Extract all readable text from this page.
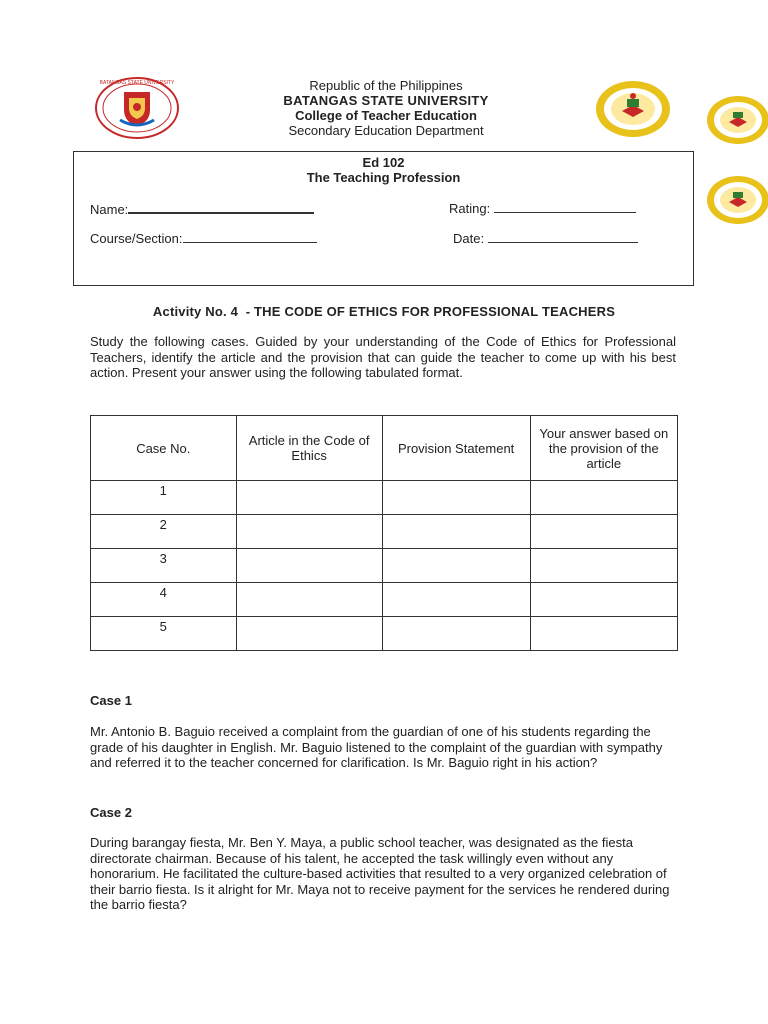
BATANGAS STATE UNIVERSITY	Republic of the Philippines
BATANGAS STATE UNIVERSITY
College of Teacher Education
Secondary Education Department
Ed 102
The Teaching Profession
Name:	Rating:
Course/Section:	Date:
Activity No. 4  - THE CODE OF ETHICS FOR PROFESSIONAL TEACHERS
Study the following cases. Guided by your understanding of the Code of Ethics for Professional Teachers, identify the article and the provision that can guide the teacher to come up with his best action. Present your answer using the following tabulated format.
Case No.	Article in the Code of Ethics	Provision Statement	Your answer based on the provision of the article
1			
2			
3			
4			
5			
Case 1
Mr. Antonio B. Baguio received a complaint from the guardian of one of his students regarding the grade of his daughter in English. Mr. Baguio listened to the complaint of the guardian with sympathy and referred it to the teacher concerned for clarification. Is Mr. Baguio right in his action?
Case 2
During barangay fiesta, Mr. Ben Y. Maya, a public school teacher, was designated as the fiesta directorate chairman. Because of his talent, he accepted the task willingly even without any honorarium. He facilitated the culture-based activities that resulted to a very organized celebration of their barrio fiesta. Is it alright for Mr. Maya not to receive payment for the services he rendered during the barrio fiesta?
